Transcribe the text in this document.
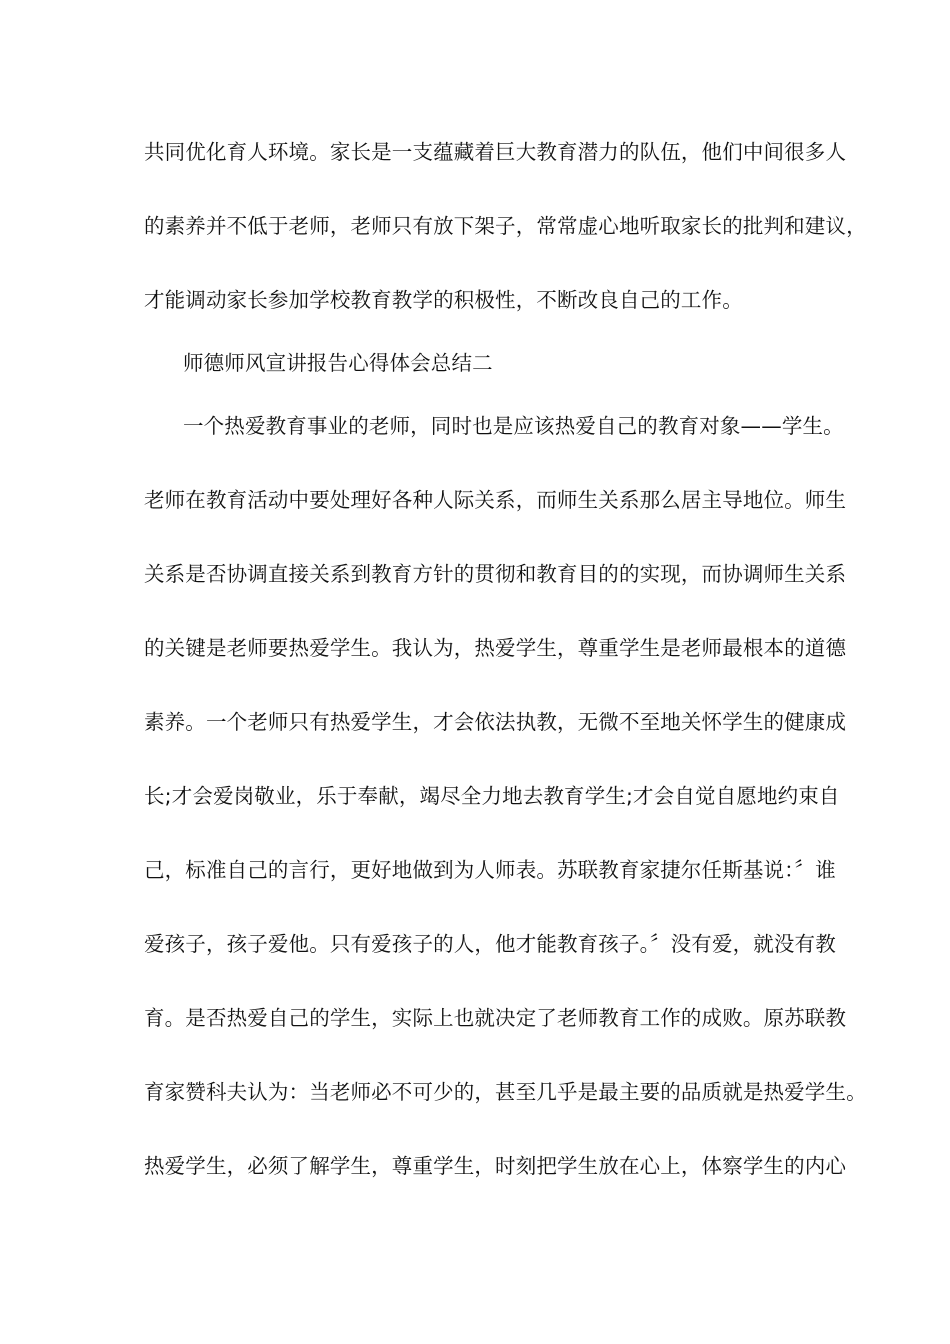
共同优化育人环境。家长是一支蕴藏着巨大教育潜力的队伍，他们中间很多人
的素养并不低于老师，老师只有放下架子，常常虚心地听取家长的批判和建议，
才能调动家长参加学校教育教学的积极性，不断改良自己的工作。
师德师风宣讲报告心得体会总结二
一个热爱教育事业的老师，同时也是应该热爱自己的教育对象——学生。
老师在教育活动中要处理好各种人际关系，而师生关系那么居主导地位。师生
关系是否协调直接关系到教育方针的贯彻和教育目的的实现，而协调师生关系
的关键是老师要热爱学生。我认为，热爱学生，尊重学生是老师最根本的道德
素养。一个老师只有热爱学生，才会依法执教，无微不至地关怀学生的健康成
长;才会爱岗敬业，乐于奉献，竭尽全力地去教育学生;才会自觉自愿地约束自
己，标准自己的言行，更好地做到为人师表。苏联教育家捷尔任斯基说：〞谁
爱孩子，孩子爱他。只有爱孩子的人，他才能教育孩子。〞没有爱，就没有教
育。是否热爱自己的学生，实际上也就决定了老师教育工作的成败。原苏联教
育家赞科夫认为：当老师必不可少的，甚至几乎是最主要的品质就是热爱学生。
热爱学生，必须了解学生，尊重学生，时刻把学生放在心上，体察学生的内心
